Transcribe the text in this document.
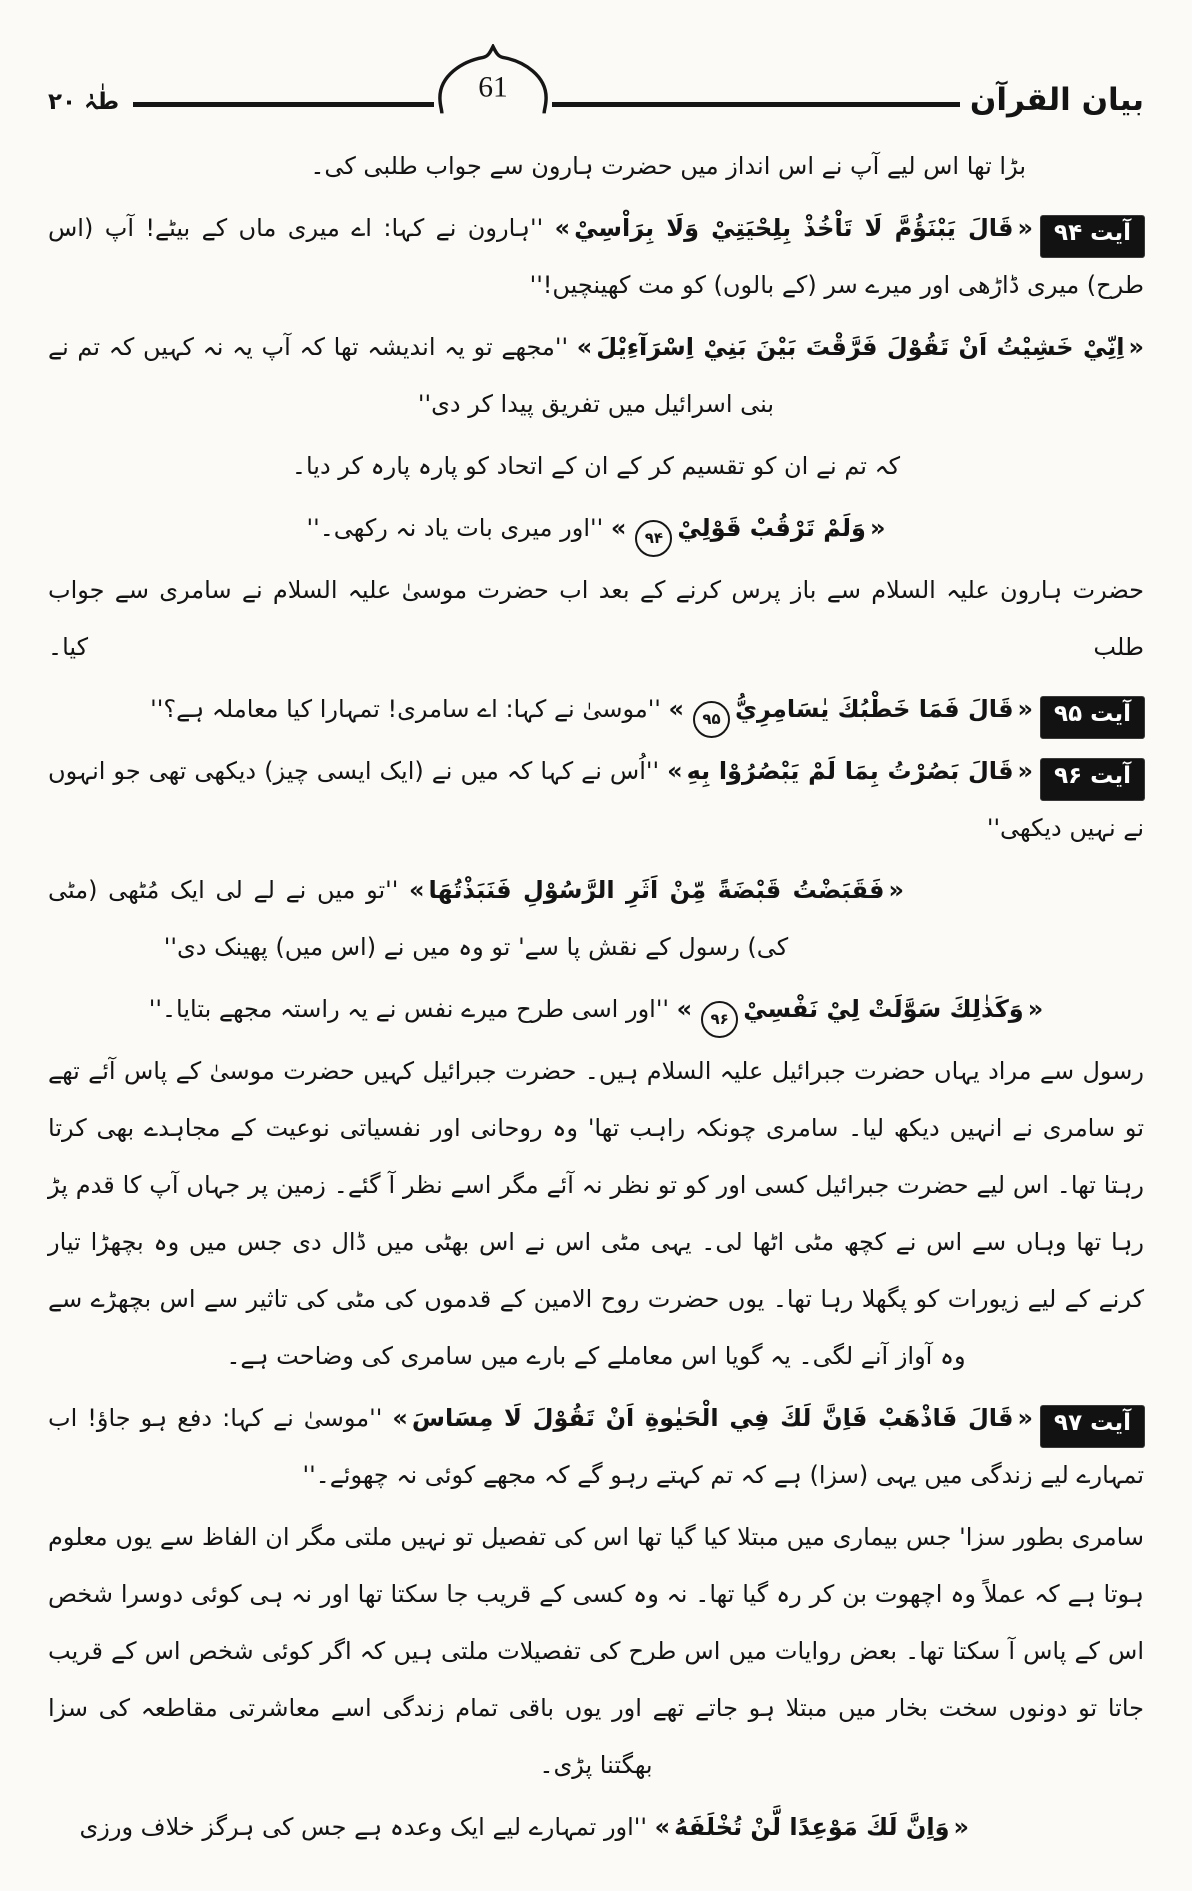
بیان القرآن
61
طٰہٰ ۲۰
بڑا تھا اس لیے آپ نے اس انداز میں حضرت ہارون سے جواب طلبی کی۔
آیت ۹۴« قَالَ يَبْنَؤُمَّ لَا تَاْخُذْ بِلِحْيَتِيْ وَلَا بِرَاْسِيْ » ''ہارون نے کہا: اے میری ماں کے بیٹے! آپ (اس طرح) میری ڈاڑھی اور میرے سر (کے بالوں) کو مت کھینچیں!''
« اِنِّيْ خَشِيْتُ اَنْ تَقُوْلَ فَرَّقْتَ بَيْنَ بَنِيْ اِسْرَآءِيْلَ » ''مجھے تو یہ اندیشہ تھا کہ آپ یہ نہ کہیں کہ تم نے بنی اسرائیل میں تفریق پیدا کر دی''
کہ تم نے ان کو تقسیم کر کے ان کے اتحاد کو پارہ پارہ کر دیا۔
« وَلَمْ تَرْقُبْ قَوْلِيْ۹۴ » ''اور میری بات یاد نہ رکھی۔''
حضرت ہارون علیہ السلام سے باز پرس کرنے کے بعد اب حضرت موسیٰ علیہ السلام نے سامری سے جواب طلب کیا۔
آیت ۹۵« قَالَ فَمَا خَطْبُكَ يٰسَامِرِيُّ۹۵ » ''موسیٰ نے کہا: اے سامری! تمہارا کیا معاملہ ہے؟''
آیت ۹۶« قَالَ بَصُرْتُ بِمَا لَمْ يَبْصُرُوْا بِهِ » ''اُس نے کہا کہ میں نے (ایک ایسی چیز) دیکھی تھی جو انہوں نے نہیں دیکھی''
« فَقَبَضْتُ قَبْضَةً مِّنْ اَثَرِ الرَّسُوْلِ فَنَبَذْتُهَا » ''تو میں نے لے لی ایک مُٹھی (مٹی کی) رسول کے نقش پا سے' تو وہ میں نے (اس میں) پھینک دی''
« وَكَذٰلِكَ سَوَّلَتْ لِيْ نَفْسِيْ۹۶ » ''اور اسی طرح میرے نفس نے یہ راستہ مجھے بتایا۔''
رسول سے مراد یہاں حضرت جبرائیل علیہ السلام ہیں۔ حضرت جبرائیل کہیں حضرت موسیٰ کے پاس آئے تھے تو سامری نے انہیں دیکھ لیا۔ سامری چونکہ راہب تھا' وہ روحانی اور نفسیاتی نوعیت کے مجاہدے بھی کرتا رہتا تھا۔ اس لیے حضرت جبرائیل کسی اور کو تو نظر نہ آئے مگر اسے نظر آ گئے۔ زمین پر جہاں آپ کا قدم پڑ رہا تھا وہاں سے اس نے کچھ مٹی اٹھا لی۔ یہی مٹی اس نے اس بھٹی میں ڈال دی جس میں وہ بچھڑا تیار کرنے کے لیے زیورات کو پگھلا رہا تھا۔ یوں حضرت روح الامین کے قدموں کی مٹی کی تاثیر سے اس بچھڑے سے وہ آواز آنے لگی۔ یہ گویا اس معاملے کے بارے میں سامری کی وضاحت ہے۔
آیت ۹۷« قَالَ فَاذْهَبْ فَاِنَّ لَكَ فِي الْحَيٰوةِ اَنْ تَقُوْلَ لَا مِسَاسَ » ''موسیٰ نے کہا: دفع ہو جاؤ! اب تمہارے لیے زندگی میں یہی (سزا) ہے کہ تم کہتے رہو گے کہ مجھے کوئی نہ چھوئے۔''
سامری بطور سزا' جس بیماری میں مبتلا کیا گیا تھا اس کی تفصیل تو نہیں ملتی مگر ان الفاظ سے یوں معلوم ہوتا ہے کہ عملاً وہ اچھوت بن کر رہ گیا تھا۔ نہ وہ کسی کے قریب جا سکتا تھا اور نہ ہی کوئی دوسرا شخص اس کے پاس آ سکتا تھا۔ بعض روایات میں اس طرح کی تفصیلات ملتی ہیں کہ اگر کوئی شخص اس کے قریب جاتا تو دونوں سخت بخار میں مبتلا ہو جاتے تھے اور یوں باقی تمام زندگی اسے معاشرتی مقاطعہ کی سزا بھگتنا پڑی۔
« وَاِنَّ لَكَ مَوْعِدًا لَّنْ تُخْلَفَهُ » ''اور تمہارے لیے ایک وعدہ ہے جس کی ہرگز خلاف ورزی
